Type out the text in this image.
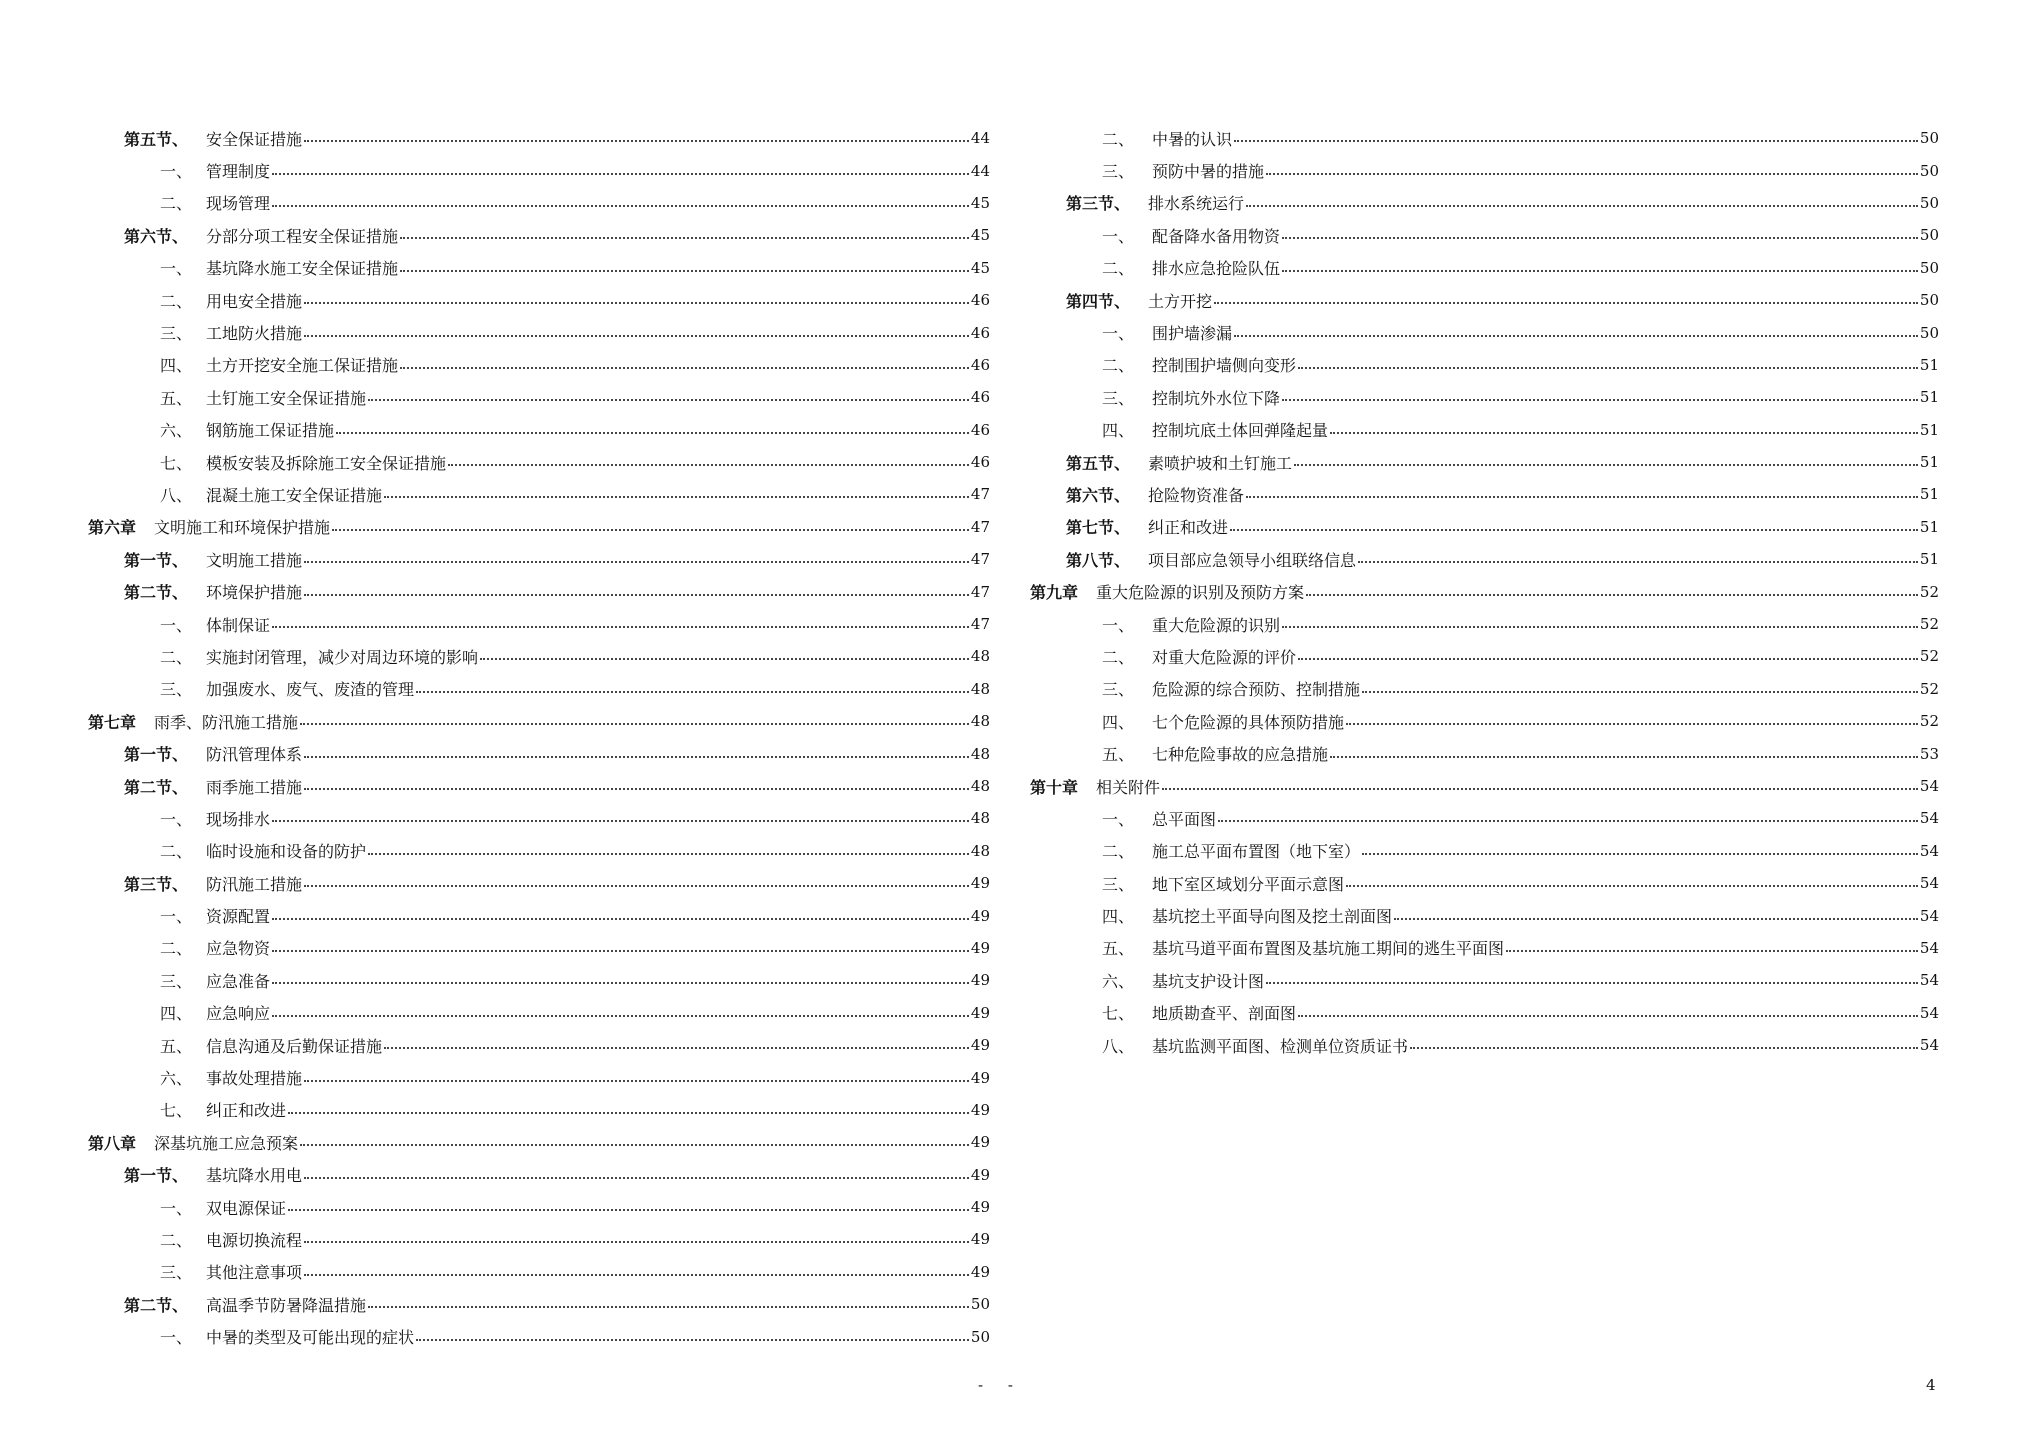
第五节、	安全保证措施	44
一、 管理制度	44
二、 现场管理	45
第六节、	分部分项工程安全保证措施	45
一、 基坑降水施工安全保证措施	45
二、 用电安全措施	46
三、 工地防火措施	46
四、 土方开挖安全施工保证措施	46
五、 土钉施工安全保证措施	46
六、 钢筋施工保证措施	46
七、 模板安装及拆除施工安全保证措施	46
八、 混凝土施工安全保证措施	47
第六章	文明施工和环境保护措施	47
第一节、	文明施工措施	47
第二节、	环境保护措施	47
一、 体制保证	47
二、 实施封闭管理，减少对周边环境的影响	48
三、 加强废水、废气、废渣的管理	48
第七章	雨季、防汛施工措施	48
第一节、	防汛管理体系	48
第二节、	雨季施工措施	48
一、 现场排水	48
二、 临时设施和设备的防护	48
第三节、	防汛施工措施	49
一、 资源配置	49
二、 应急物资	49
三、 应急准备	49
四、 应急响应	49
五、 信息沟通及后勤保证措施	49
六、 事故处理措施	49
七、 纠正和改进	49
第八章	深基坑施工应急预案	49
第一节、	基坑降水用电	49
一、 双电源保证	49
二、 电源切换流程	49
三、 其他注意事项	49
第二节、	高温季节防暑降温措施	50
一、 中暑的类型及可能出现的症状	50
二、	中暑的认识	50
三、	预防中暑的措施	50
第三节、	排水系统运行	50
一、	配备降水备用物资	50
二、	排水应急抢险队伍	50
第四节、	土方开挖	50
一、	围护墙渗漏	50
二、	控制围护墙侧向变形	51
三、	控制坑外水位下降	51
四、	控制坑底土体回弹隆起量	51
第五节、	素喷护坡和土钉施工	51
第六节、	抢险物资准备	51
第七节、	纠正和改进	51
第八节、	项目部应急领导小组联络信息	51
第九章	重大危险源的识别及预防方案	52
一、	重大危险源的识别	52
二、	对重大危险源的评价	52
三、	危险源的综合预防、控制措施	52
四、	七个危险源的具体预防措施	52
五、	七种危险事故的应急措施	53
第十章	相关附件	54
一、	总平面图	54
二、	施工总平面布置图（地下室）	54
三、	地下室区域划分平面示意图	54
四、	基坑挖土平面导向图及挖土剖面图	54
五、	基坑马道平面布置图及基坑施工期间的逃生平面图	54
六、	基坑支护设计图	54
七、	地质勘查平、剖面图	54
八、	基坑监测平面图、检测单位资质证书	54
- -	4
